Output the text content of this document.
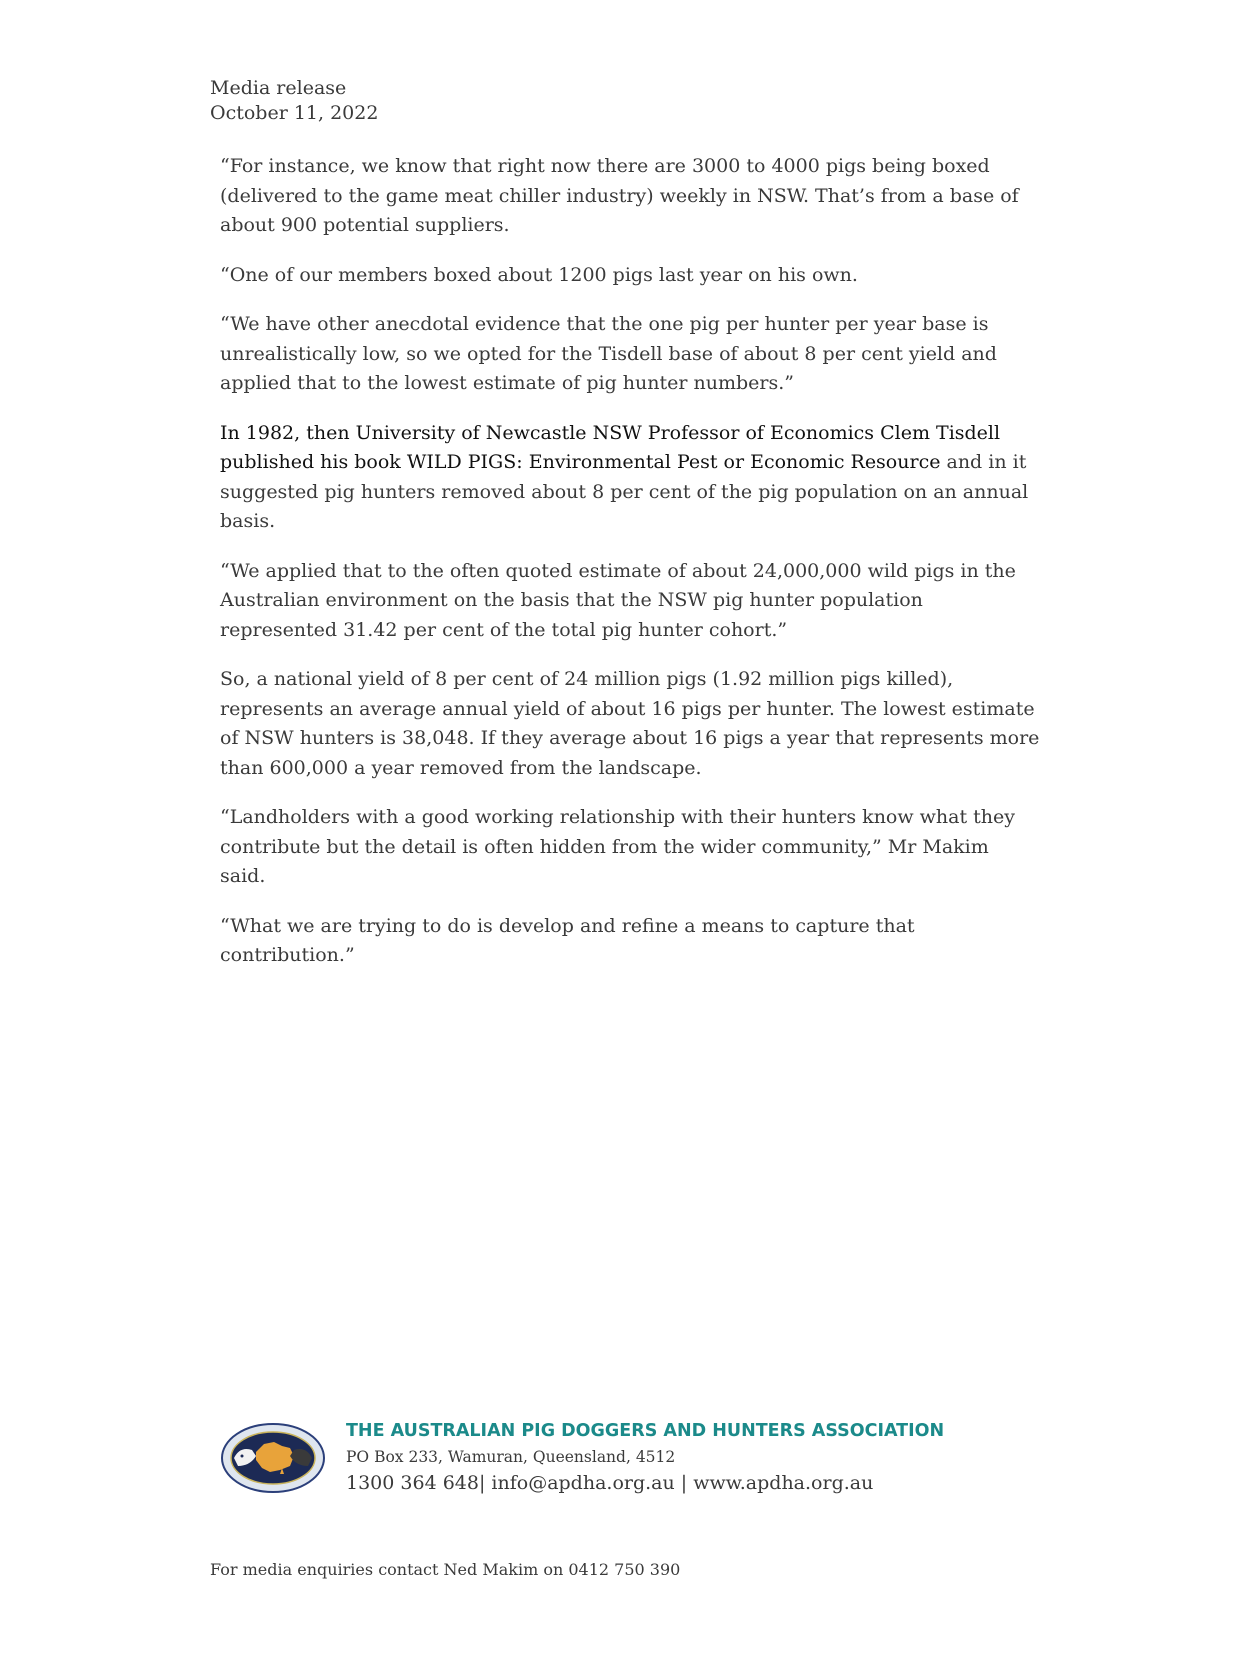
Media release
October 11, 2022

“For instance, we know that right now there are 3000 to 4000 pigs being boxed (delivered to the game meat chiller industry) weekly in NSW. That’s from a base of about 900 potential suppliers.

“One of our members boxed about 1200 pigs last year on his own.

“We have other anecdotal evidence that the one pig per hunter per year base is unrealistically low, so we opted for the Tisdell base of about 8 per cent yield and applied that to the lowest estimate of pig hunter numbers.”

In 1982, then University of Newcastle NSW Professor of Economics Clem Tisdell published his book WILD PIGS: Environmental Pest or Economic Resource and in it suggested pig hunters removed about 8 per cent of the pig population on an annual basis.

“We applied that to the often quoted estimate of about 24,000,000 wild pigs in the Australian environment on the basis that the NSW pig hunter population represented 31.42 per cent of the total pig hunter cohort.”

So, a national yield of 8 per cent of 24 million pigs (1.92 million pigs killed), represents an average annual yield of about 16 pigs per hunter. The lowest estimate of NSW hunters is 38,048. If they average about 16 pigs a year that represents more than 600,000 a year removed from the landscape.

“Landholders with a good working relationship with their hunters know what they contribute but the detail is often hidden from the wider community,” Mr Makim said.

“What we are trying to do is develop and refine a means to capture that contribution.”

THE AUSTRALIAN PIG DOGGERS AND HUNTERS ASSOCIATION
PO Box 233, Wamuran, Queensland, 4512
1300 364 648| info@apdha.org.au | www.apdha.org.au
For media enquiries contact Ned Makim on 0412 750 390
